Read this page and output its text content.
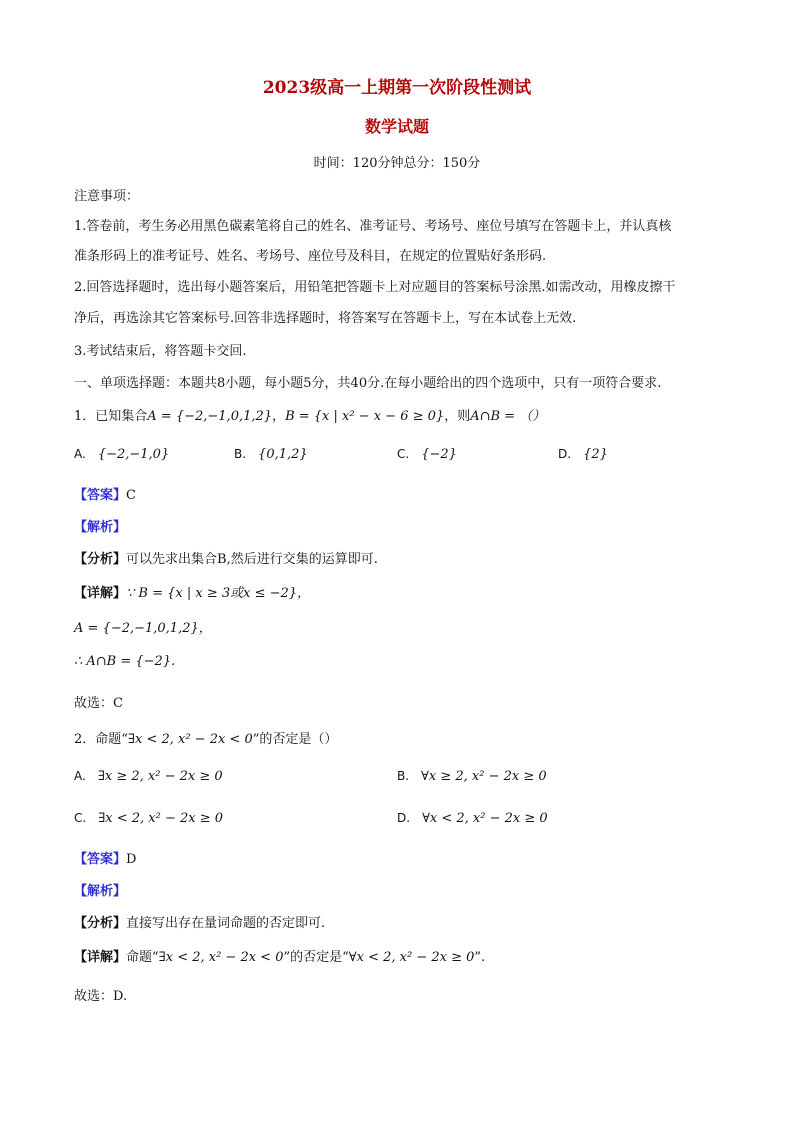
2023级高一上期第一次阶段性测试
数学试题
时间：120分钟总分：150分
注意事项：
1.答卷前，考生务必用黑色碳素笔将自己的姓名、准考证号、考场号、座位号填写在答题卡上，并认真核
准条形码上的准考证号、姓名、考场号、座位号及科目，在规定的位置贴好条形码.
2.回答选择题时，选出每小题答案后，用铅笔把答题卡上对应题目的答案标号涂黑.如需改动，用橡皮擦干
净后，再选涂其它答案标号.回答非选择题时，将答案写在答题卡上，写在本试卷上无效.
3.考试结束后，将答题卡交回.
一、单项选择题：本题共8小题，每小题5分，共40分.在每小题给出的四个选项中，只有一项符合要求.
1．已知集合A = {−2,−1,0,1,2}，B = {x | x² − x − 6 ≥ 0}，则A∩B = （）
A. {−2,−1,0}	B. {0,1,2}	C. {−2}	D. {2}
【答案】C
【解析】
【分析】可以先求出集合B,然后进行交集的运算即可.
【详解】∵ B = {x | x ≥ 3或x ≤ −2}，
A = {−2,−1,0,1,2}，
∴ A∩B = {−2}.
故选：C
2．命题“∃x < 2, x² − 2x < 0”的否定是（）
A. ∃x ≥ 2, x² − 2x ≥ 0	B. ∀x ≥ 2, x² − 2x ≥ 0
C. ∃x < 2, x² − 2x ≥ 0	D. ∀x < 2, x² − 2x ≥ 0
【答案】D
【解析】
【分析】直接写出存在量词命题的否定即可.
【详解】命题“∃x < 2, x² − 2x < 0”的否定是“∀x < 2, x² − 2x ≥ 0”.
故选：D.
